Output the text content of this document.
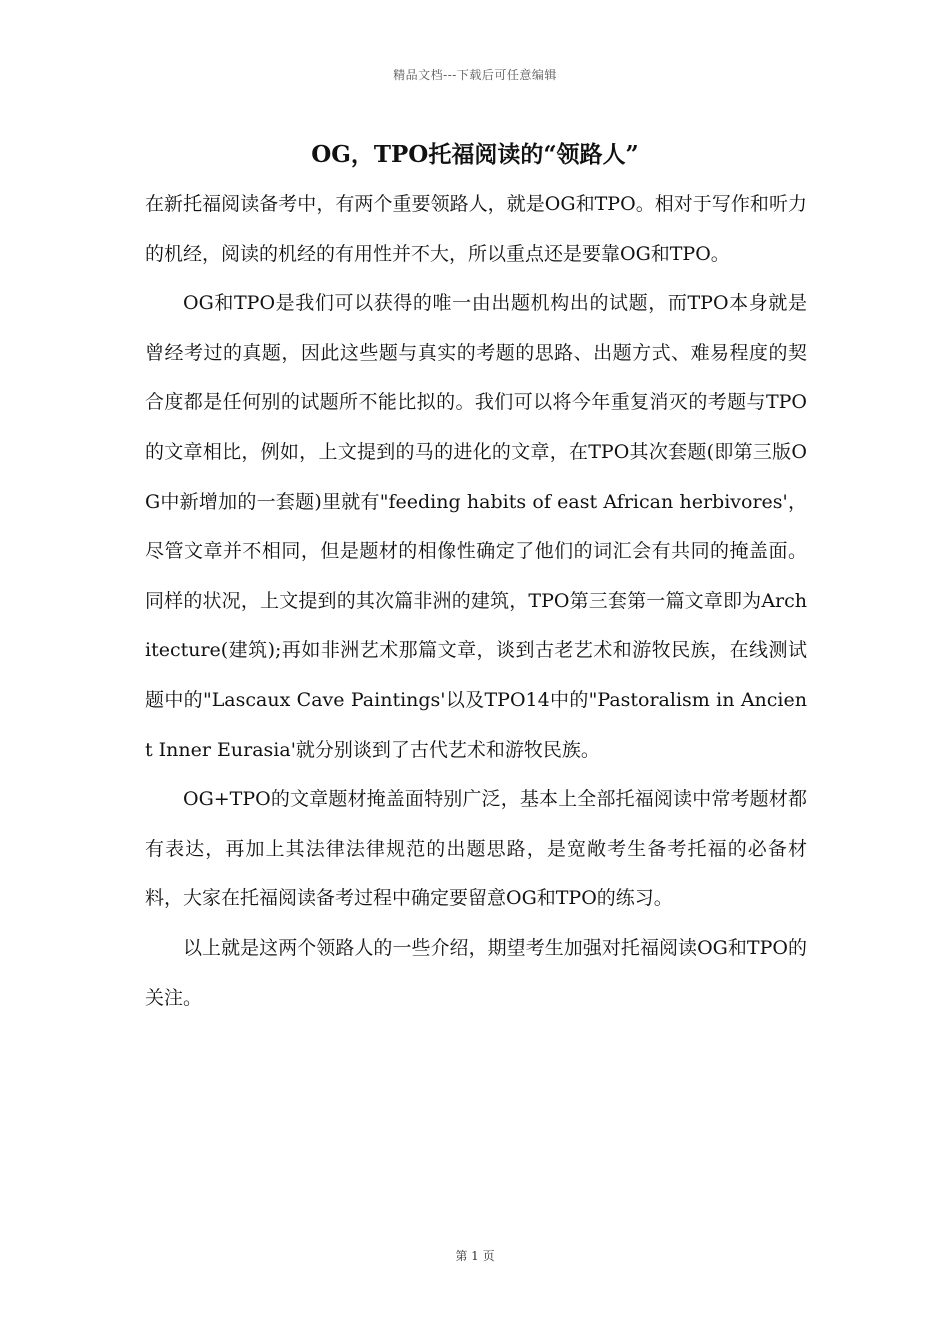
精品文档---下载后可任意编辑
OG，TPO托福阅读的“领路人”

在新托福阅读备考中，有两个重要领路人，就是OG和TPO。相对于写作和听力的机经，阅读的机经的有用性并不大，所以重点还是要靠OG和TPO。

OG和TPO是我们可以获得的唯一由出题机构出的试题，而TPO本身就是曾经考过的真题，因此这些题与真实的考题的思路、出题方式、难易程度的契合度都是任何别的试题所不能比拟的。我们可以将今年重复消灭的考题与TPO的文章相比，例如，上文提到的马的进化的文章，在TPO其次套题(即第三版OG中新增加的一套题)里就有"feeding habits of east African herbivores'，尽管文章并不相同，但是题材的相像性确定了他们的词汇会有共同的掩盖面。同样的状况，上文提到的其次篇非洲的建筑，TPO第三套第一篇文章即为Architecture(建筑);再如非洲艺术那篇文章，谈到古老艺术和游牧民族，在线测试题中的"Lascaux Cave Paintings'以及TPO14中的"Pastoralism in Ancient Inner Eurasia'就分别谈到了古代艺术和游牧民族。

OG+TPO的文章题材掩盖面特别广泛，基本上全部托福阅读中常考题材都有表达，再加上其法律法律规范的出题思路，是宽敞考生备考托福的必备材料，大家在托福阅读备考过程中确定要留意OG和TPO的练习。

以上就是这两个领路人的一些介绍，期望考生加强对托福阅读OG和TPO的关注。

第 1 页
